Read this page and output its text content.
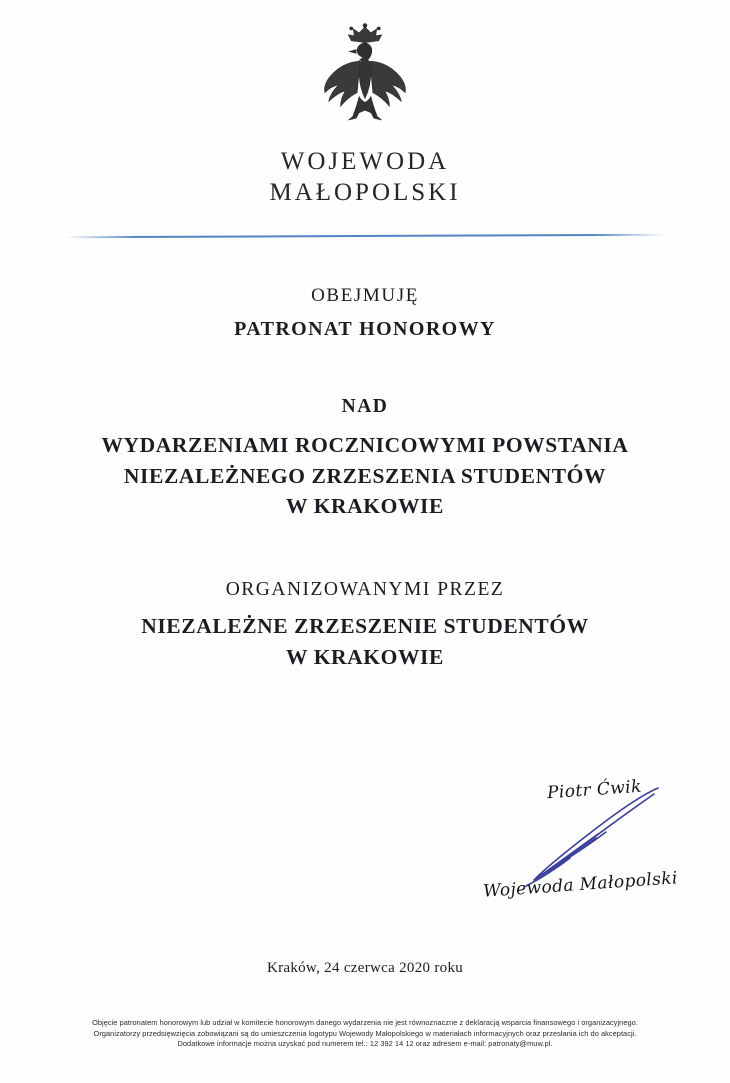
WOJEWODA
MAŁOPOLSKI
OBEJMUJĘ
PATRONAT HONOROWY
NAD
WYDARZENIAMI ROCZNICOWYMI POWSTANIA
NIEZALEŻNEGO ZRZESZENIA STUDENTÓW
W KRAKOWIE
ORGANIZOWANYMI PRZEZ
NIEZALEŻNE ZRZESZENIE STUDENTÓW
W KRAKOWIE
Piotr Ćwik
Wojewoda Małopolski
Kraków, 24 czerwca 2020 roku
Objęcie patronatem honorowym lub udział w komitecie honorowym danego wydarzenia nie jest równoznaczne z deklaracją wsparcia finansowego i organizacyjnego.
Organizatorzy przedsięwzięcia zobowiązani są do umieszczenia logotypu Wojewody Małopolskiego w materiałach informacyjnych oraz przesłania ich do akceptacji.
Dodatkowe informacje można uzyskać pod numerem tel.: 12 392 14 12 oraz adresem e-mail: patronaty@muw.pl.
